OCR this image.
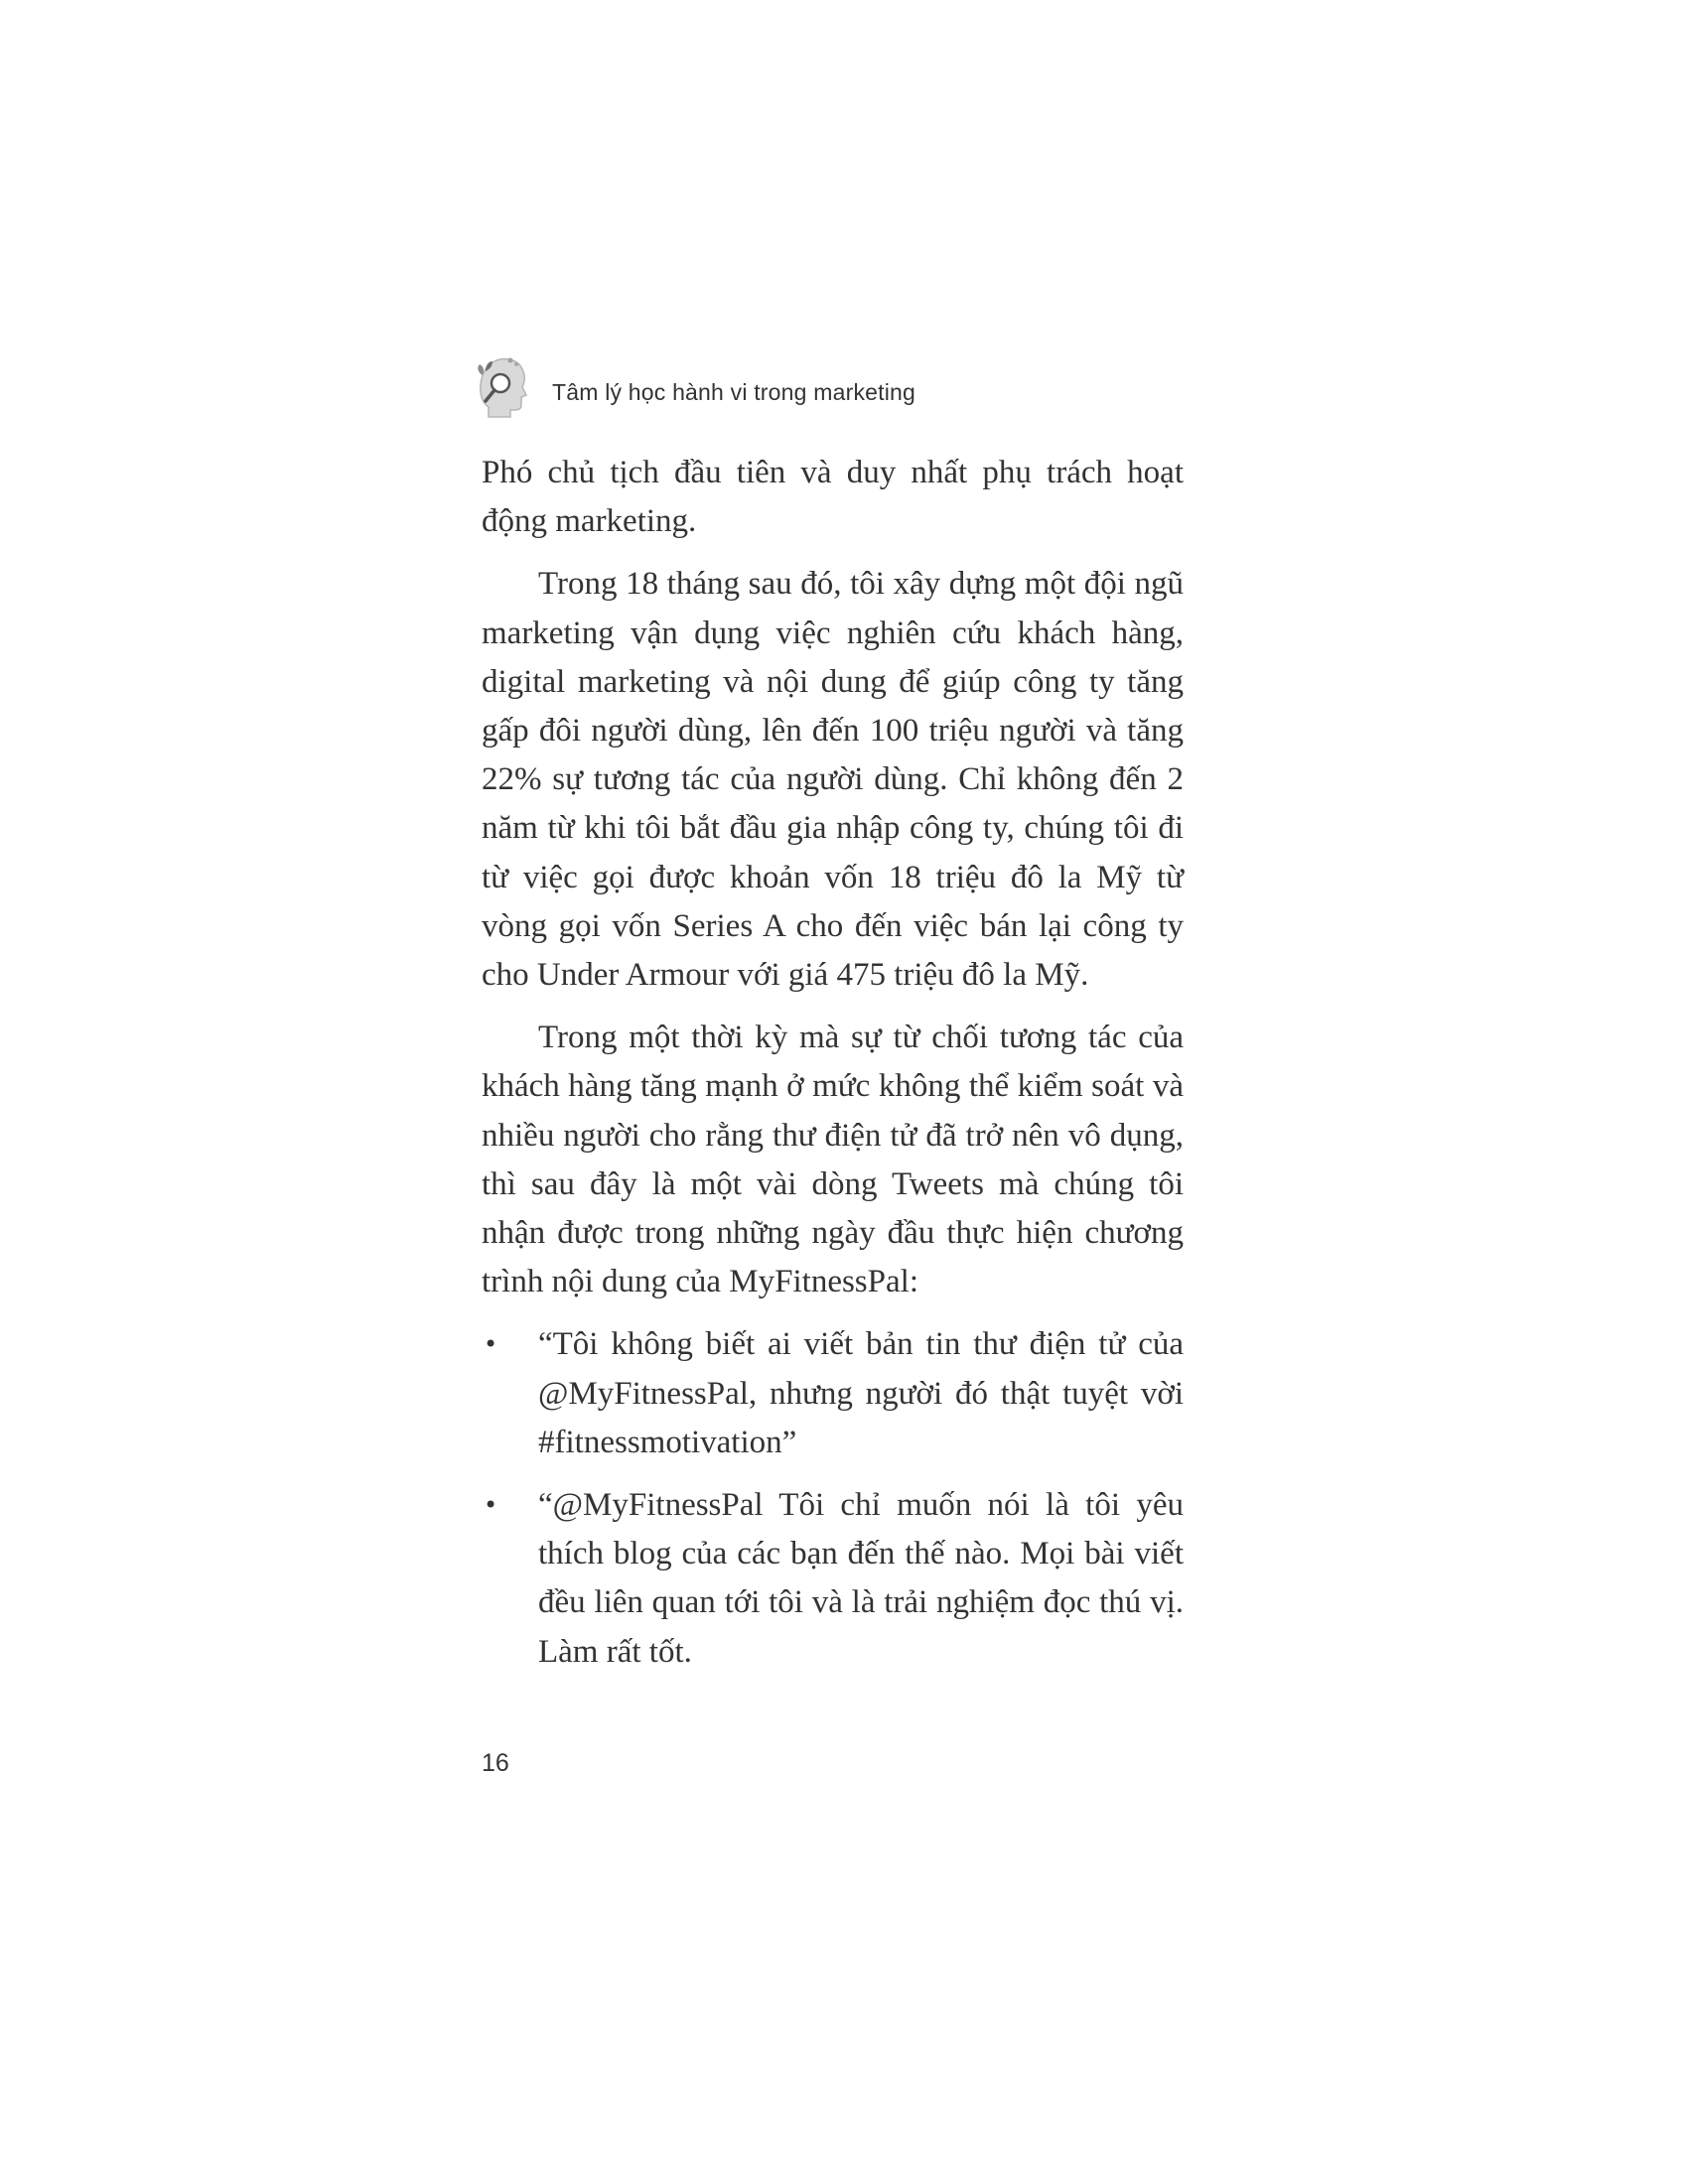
Tâm lý học hành vi trong marketing

Phó chủ tịch đầu tiên và duy nhất phụ trách hoạt động marketing.

Trong 18 tháng sau đó, tôi xây dựng một đội ngũ marketing vận dụng việc nghiên cứu khách hàng, digital marketing và nội dung để giúp công ty tăng gấp đôi người dùng, lên đến 100 triệu người và tăng 22% sự tương tác của người dùng. Chỉ không đến 2 năm từ khi tôi bắt đầu gia nhập công ty, chúng tôi đi từ việc gọi được khoản vốn 18 triệu đô la Mỹ từ vòng gọi vốn Series A cho đến việc bán lại công ty cho Under Armour với giá 475 triệu đô la Mỹ.

Trong một thời kỳ mà sự từ chối tương tác của khách hàng tăng mạnh ở mức không thể kiểm soát và nhiều người cho rằng thư điện tử đã trở nên vô dụng, thì sau đây là một vài dòng Tweets mà chúng tôi nhận được trong những ngày đầu thực hiện chương trình nội dung của MyFitnessPal:

• “Tôi không biết ai viết bản tin thư điện tử của @MyFitnessPal, nhưng người đó thật tuyệt vời #fitnessmotivation”
• “@MyFitnessPal Tôi chỉ muốn nói là tôi yêu thích blog của các bạn đến thế nào. Mọi bài viết đều liên quan tới tôi và là trải nghiệm đọc thú vị. Làm rất tốt.
16
